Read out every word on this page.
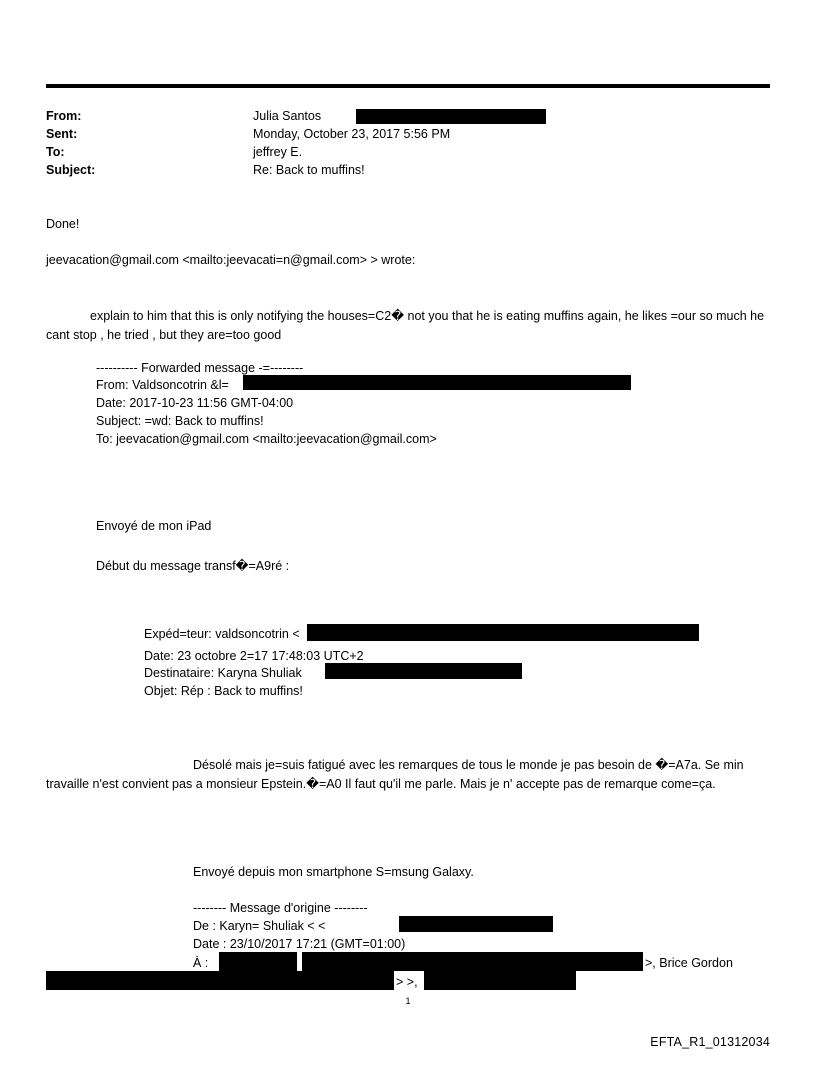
From:	Julia Santos
Sent:	Monday, October 23, 2017 5:56 PM
To:	jeffrey E.
Subject:	Re: Back to muffins!
Done!
jeevacation@gmail.com <mailto:jeevacati=n@gmail.com> > wrote:
explain to him that this is only notifying the houses=C2� not you that he is eating muffins again, he likes =our so much he cant stop , he tried , but they are=too good
---------- Forwarded message -=--------
From: Valdsoncotrin &l=
Date: 2017-10-23 11:56 GMT-04:00
Subject: =wd: Back to muffins!
To: jeevacation@gmail.com <mailto:jeevacation@gmail.com>
Envoyé de mon iPad
Début du message transf�=A9ré :
Expéd=teur: valdsoncotrin <
Date: 23 octobre 2=17 17:48:03 UTC+2
Destinataire: Karyna Shuliak
Objet: Rép : Back to muffins!
Désolé mais je=suis fatigué avec les remarques de tous le monde je pas besoin de �=A7a. Se min travaille n'est convient pas a monsieur Epstein.�=A0 Il faut qu'il me parle. Mais je n' accepte pas de remarque come=ça.
Envoyé depuis mon smartphone S=msung Galaxy.
-------- Message d'origine --------
De : Karyn= Shuliak < <
Date : 23/10/2017 17:21 (GMT=01:00)
À :	>, Brice Gordon
> >,
1
EFTA_R1_01312034
